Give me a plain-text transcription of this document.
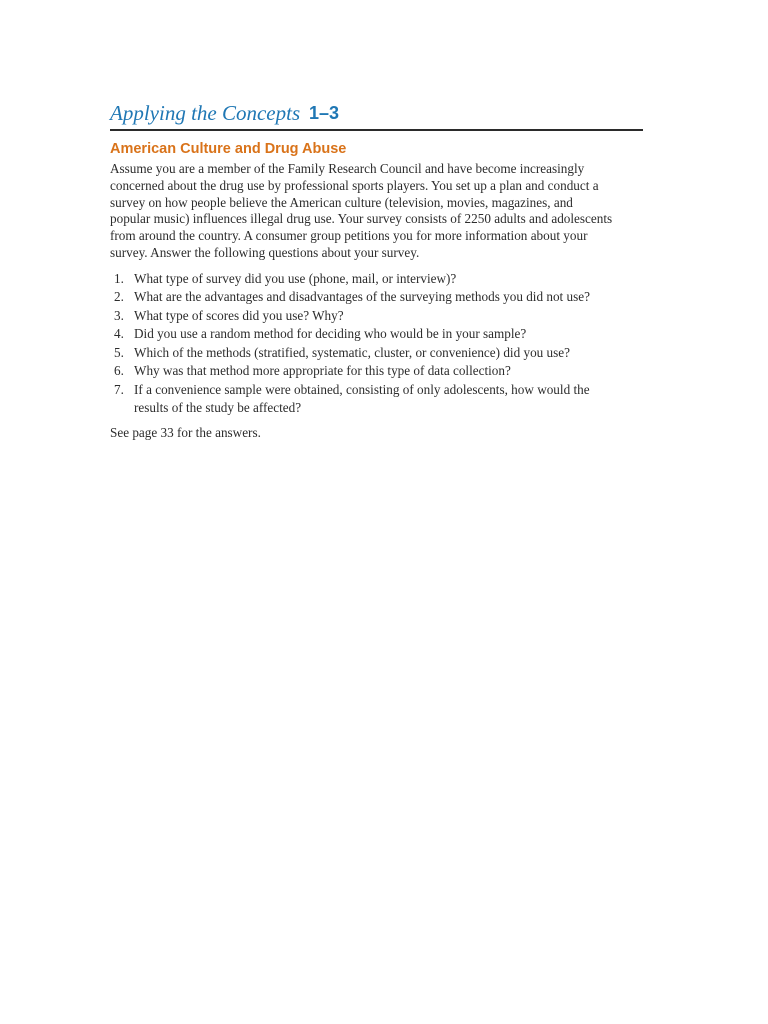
Applying the Concepts 1–3
American Culture and Drug Abuse
Assume you are a member of the Family Research Council and have become increasingly
concerned about the drug use by professional sports players. You set up a plan and conduct a
survey on how people believe the American culture (television, movies, magazines, and
popular music) influences illegal drug use. Your survey consists of 2250 adults and adolescents
from around the country. A consumer group petitions you for more information about your
survey. Answer the following questions about your survey.
1. What type of survey did you use (phone, mail, or interview)?
2. What are the advantages and disadvantages of the surveying methods you did not use?
3. What type of scores did you use? Why?
4. Did you use a random method for deciding who would be in your sample?
5. Which of the methods (stratified, systematic, cluster, or convenience) did you use?
6. Why was that method more appropriate for this type of data collection?
7. If a convenience sample were obtained, consisting of only adolescents, how would the
results of the study be affected?
See page 33 for the answers.
